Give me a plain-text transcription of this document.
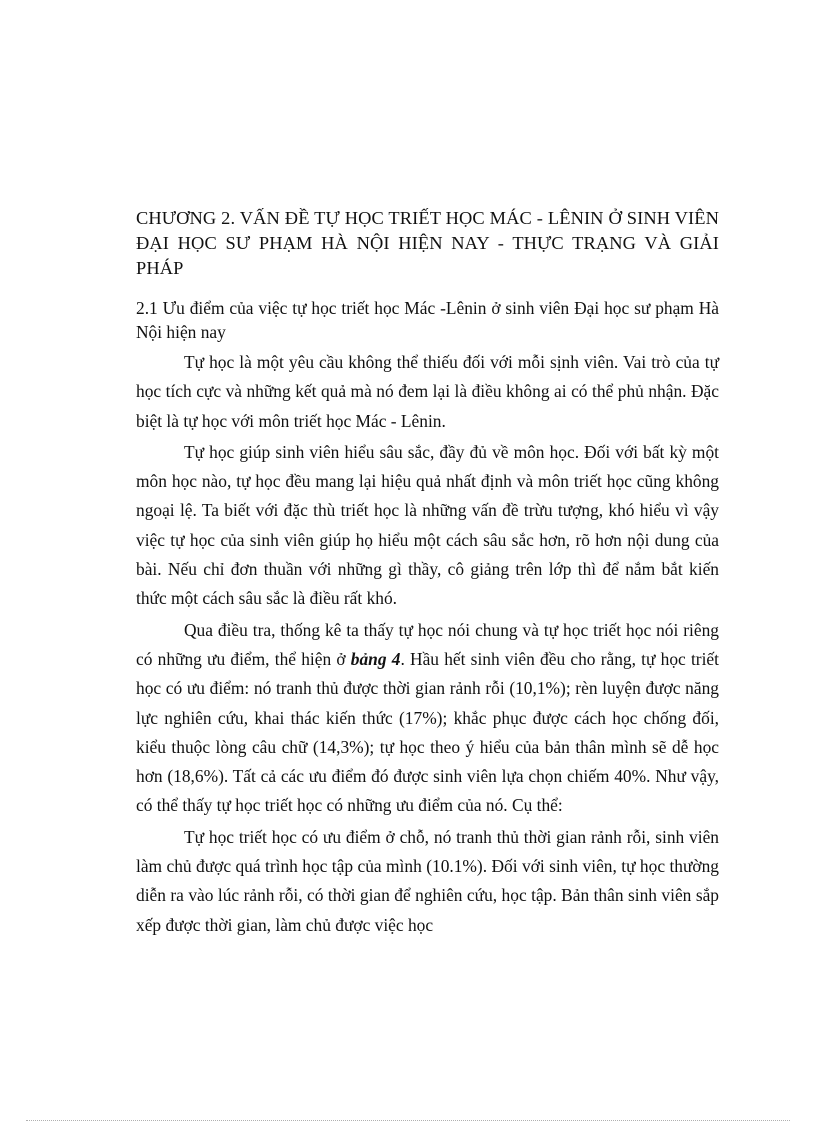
CHƯƠNG 2. VẤN ĐỀ TỰ HỌC TRIẾT HỌC MÁC - LÊNIN Ở SINH VIÊN ĐẠI HỌC SƯ PHẠM HÀ NỘI HIỆN NAY - THỰC TRẠNG VÀ GIẢI PHÁP
2.1 Ưu điểm của việc tự học triết học Mác -Lênin ở sinh viên Đại học sư phạm Hà Nội hiện nay

Tự học là một yêu cầu không thể thiếu đối với mỗi sịnh viên. Vai trò của tự học tích cực và những kết quả mà nó đem lại là điều không ai có thể phủ nhận. Đặc biệt là tự học với môn triết học Mác - Lênin.

Tự học giúp sinh viên hiểu sâu sắc, đầy đủ về môn học. Đối với bất kỳ một môn học nào, tự học đều mang lại hiệu quả nhất định và môn triết học cũng không ngoại lệ. Ta biết với đặc thù triết học là những vấn đề trừu tượng, khó hiểu vì vậy việc tự học của sinh viên giúp họ hiểu một cách sâu sắc hơn, rõ hơn nội dung của bài. Nếu chỉ đơn thuần với những gì thầy, cô giảng trên lớp thì để nắm bắt kiến thức một cách sâu sắc là điều rất khó.

Qua điều tra, thống kê ta thấy tự học nói chung và tự học triết học nói riêng có những ưu điểm, thể hiện ở bảng 4. Hầu hết sinh viên đều cho rằng, tự học triết học có ưu điểm: nó tranh thủ được thời gian rảnh rỗi (10,1%); rèn luyện được năng lực nghiên cứu, khai thác kiến thức (17%); khắc phục được cách học chống đối, kiểu thuộc lòng câu chữ (14,3%); tự học theo ý hiểu của bản thân mình sẽ dễ học hơn (18,6%). Tất cả các ưu điểm đó được sinh viên lựa chọn chiếm 40%. Như vậy, có thể thấy tự học triết học có những ưu điểm của nó. Cụ thể:

Tự học triết học có ưu điểm ở chỗ, nó tranh thủ thời gian rảnh rỗi, sinh viên làm chủ được quá trình học tập của mình (10.1%). Đối với sinh viên, tự học thường diễn ra vào lúc rảnh rỗi, có thời gian để nghiên cứu, học tập. Bản thân sinh viên sắp xếp được thời gian, làm chủ được việc học
